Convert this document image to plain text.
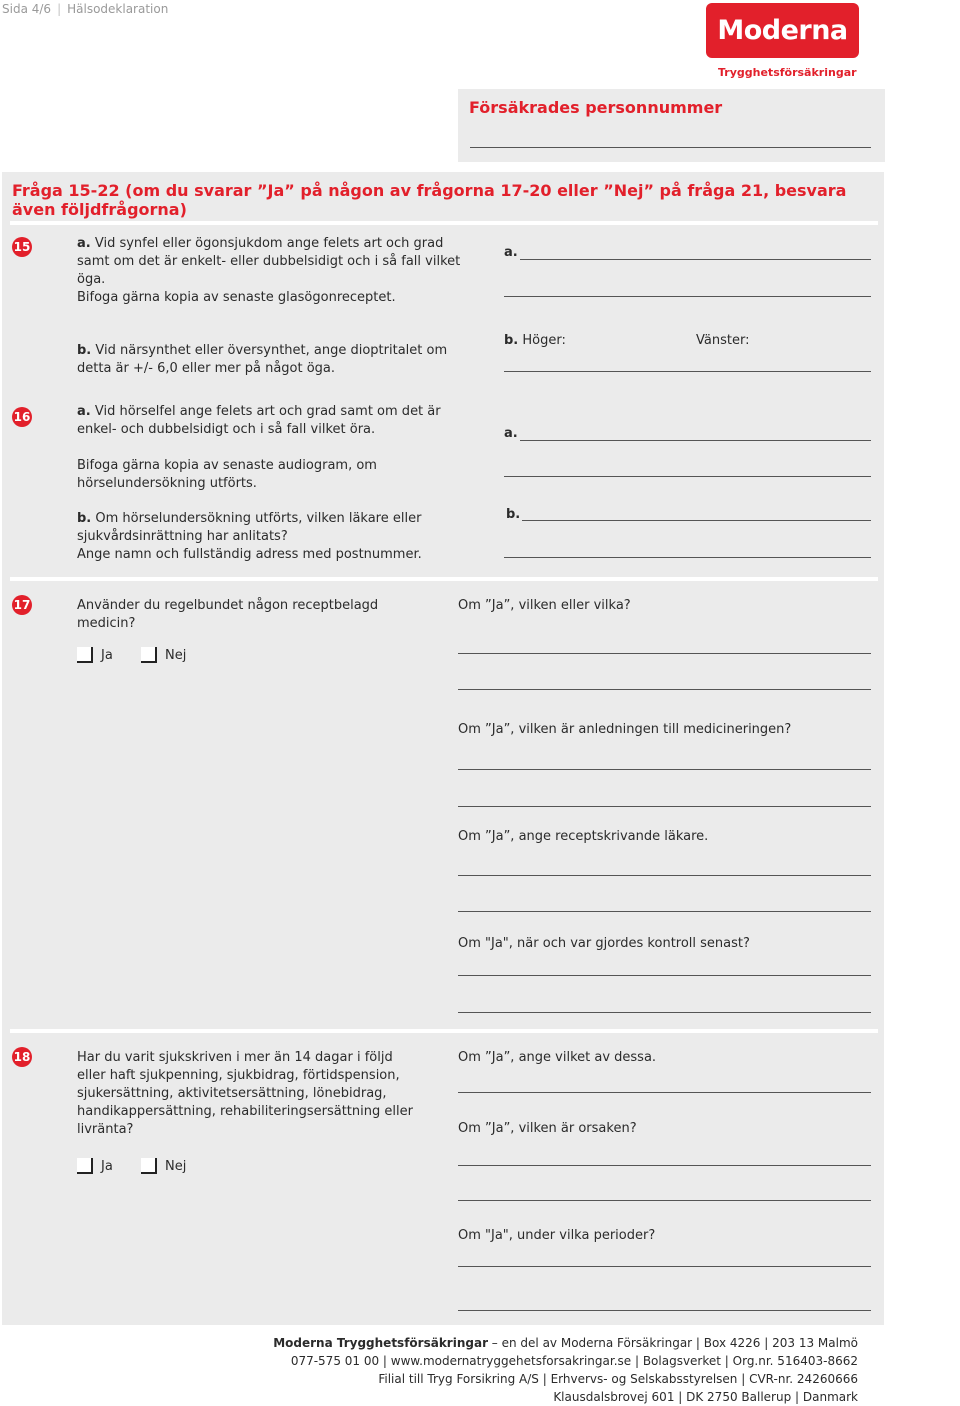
Sida 4/6 | Hälsodeklaration
Moderna
Trygghetsförsäkringar
Försäkrades personnummer
Fråga 15-22 (om du svarar ”Ja” på någon av frågorna 17-20 eller ”Nej” på fråga 21, besvara även följdfrågorna)
15	a. Vid synfel eller ögonsjukdom ange felets art och grad
samt om det är enkelt- eller dubbelsidigt och i så fall vilket
öga.
Bifoga gärna kopia av senaste glasögonreceptet.
a.
b. Vid närsynthet eller översynthet, ange dioptritalet om
detta är +/- 6,0 eller mer på något öga.
b. Höger:	Vänster:
16	a. Vid hörselfel ange felets art och grad samt om det är
enkel- och dubbelsidigt och i så fall vilket öra.
Bifoga gärna kopia av senaste audiogram, om
hörselundersökning utförts.
a.
b. Om hörselundersökning utförts, vilken läkare eller
sjukvårdsinrättning har anlitats?
Ange namn och fullständig adress med postnummer.
b.
17	Använder du regelbundet någon receptbelagd
medicin?
Ja	Nej
Om ”Ja”, vilken eller vilka?
Om ”Ja”, vilken är anledningen till medicineringen?
Om ”Ja”, ange receptskrivande läkare.
Om "Ja", när och var gjordes kontroll senast?
18	Har du varit sjukskriven i mer än 14 dagar i följd
eller haft sjukpenning, sjukbidrag, förtidspension,
sjukersättning, aktivitetsersättning, lönebidrag,
handikappersättning, rehabiliteringsersättning eller
livränta?
Ja	Nej
Om ”Ja”, ange vilket av dessa.
Om ”Ja”, vilken är orsaken?
Om "Ja", under vilka perioder?
Moderna Trygghetsförsäkringar – en del av Moderna Försäkringar | Box 4226 | 203 13 Malmö
077-575 01 00 | www.modernatryggehetsforsakringar.se | Bolagsverket | Org.nr. 516403-8662
Filial till Tryg Forsikring A/S | Erhvervs- og Selskabsstyrelsen | CVR-nr. 24260666
Klausdalsbrovej 601 | DK 2750 Ballerup | Danmark
